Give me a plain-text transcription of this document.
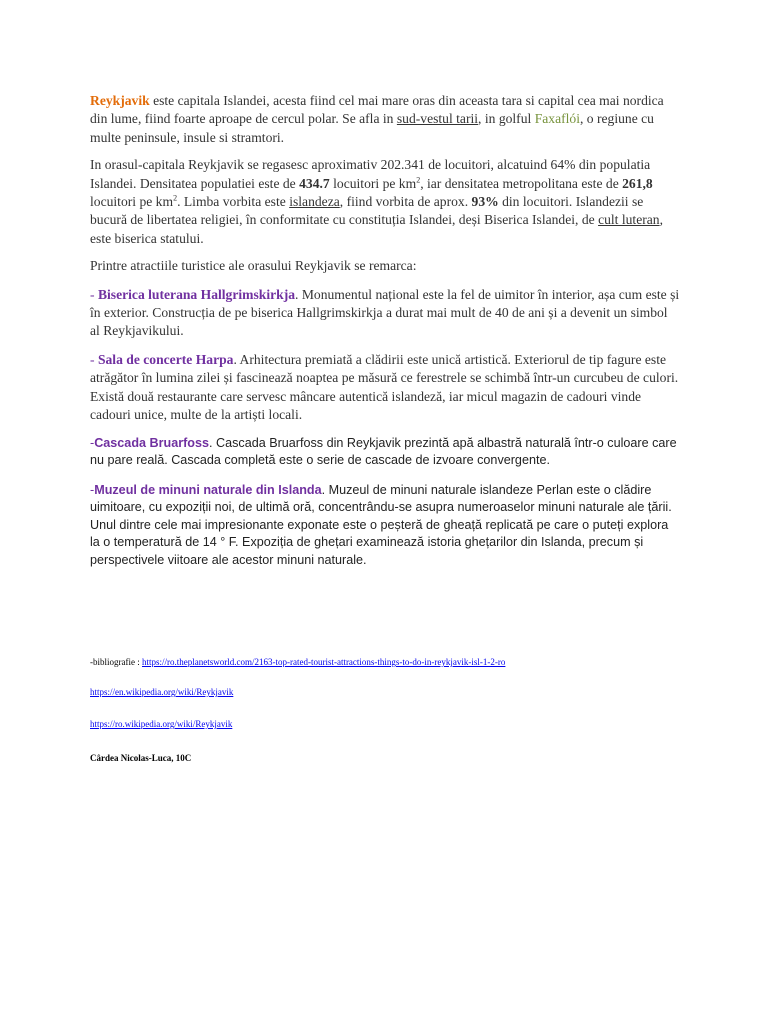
Reykjavik este capitala Islandei, acesta fiind cel mai mare oras din aceasta tara si capital cea mai nordica din lume, fiind foarte aproape de cercul polar. Se afla in sud-vestul tarii, in golful Faxaflói, o regiune cu multe peninsule, insule si stramtori.

In orasul-capitala Reykjavik se regasesc aproximativ 202.341 de locuitori, alcatuind 64% din populatia Islandei. Densitatea populatiei este de 434.7 locuitori pe $km^2$, iar densitatea metropolitana este de 261,8 locuitori pe $km^2$. Limba vorbita este islandeza, fiind vorbita de aprox. 93% din locuitori. Islandezii se bucură de libertatea religiei, în conformitate cu constituția Islandei, deși Biserica Islandei, de cult luteran, este biserica statului.

Printre atractiile turistice ale orasului Reykjavik se remarca:

- Biserica luterana Hallgrimskirkja. Monumentul național este la fel de uimitor în interior, așa cum este și în exterior. Construcția de pe biserica Hallgrimskirkja a durat mai mult de 40 de ani și a devenit un simbol al Reykjavikului.

- Sala de concerte Harpa. Arhitectura premiată a clădirii este unică artistică. Exteriorul de tip fagure este atrăgător în lumina zilei și fascinează noaptea pe măsură ce ferestrele se schimbă într-un curcubeu de culori. Există două restaurante care servesc mâncare autentică islandeză, iar micul magazin de cadouri vinde cadouri unice, multe de la artiști locali.

-Cascada Bruarfoss. Cascada Bruarfoss din Reykjavik prezintă apă albastră naturală într-o culoare care nu pare reală. Cascada completă este o serie de cascade de izvoare convergente.

-Muzeul de minuni naturale din Islanda. Muzeul de minuni naturale islandeze Perlan este o clădire uimitoare, cu expoziții noi, de ultimă oră, concentrându-se asupra numeroaselor minuni naturale ale țării. Unul dintre cele mai impresionante exponate este o peșteră de gheață replicată pe care o puteți explora la o temperatură de 14 ° F. Expoziția de ghețari examinează istoria ghețarilor din Islanda, precum și perspectivele viitoare ale acestor minuni naturale.

-bibliografie : https://ro.theplanetsworld.com/2163-top-rated-tourist-attractions-things-to-do-in-reykjavik-isl-1-2-ro
https://en.wikipedia.org/wiki/Reykjavik
https://ro.wikipedia.org/wiki/Reykjavik
Cârdea Nicolas-Luca, 10C
